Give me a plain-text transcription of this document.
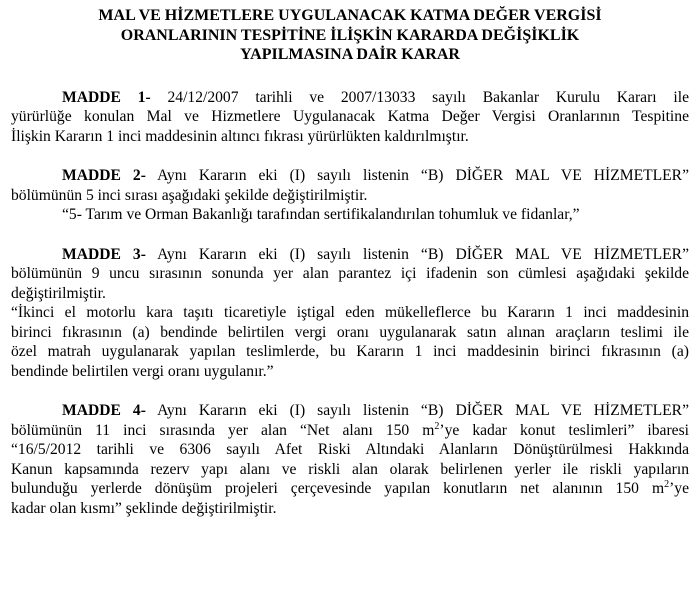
MAL VE HİZMETLERE UYGULANACAK KATMA DEĞER VERGİSİ
ORANLARININ TESPİTİNE İLİŞKİN KARARDA DEĞİŞİKLİK
YAPILMASINA DAİR KARAR
MADDE 1- 24/12/2007 tarihli ve 2007/13033 sayılı Bakanlar Kurulu Kararı ile
yürürlüğe konulan Mal ve Hizmetlere Uygulanacak Katma Değer Vergisi Oranlarının Tespitine
İlişkin Kararın 1 inci maddesinin altıncı fıkrası yürürlükten kaldırılmıştır.
MADDE 2- Aynı Kararın eki (I) sayılı listenin “B) DİĞER MAL VE HİZMETLER”
bölümünün 5 inci sırası aşağıdaki şekilde değiştirilmiştir.
“5- Tarım ve Orman Bakanlığı tarafından sertifikalandırılan tohumluk ve fidanlar,”
MADDE 3- Aynı Kararın eki (I) sayılı listenin “B) DİĞER MAL VE HİZMETLER”
bölümünün 9 uncu sırasının sonunda yer alan parantez içi ifadenin son cümlesi aşağıdaki şekilde
değiştirilmiştir.
“İkinci el motorlu kara taşıtı ticaretiyle iştigal eden mükelleflerce bu Kararın 1 inci maddesinin
birinci fıkrasının (a) bendinde belirtilen vergi oranı uygulanarak satın alınan araçların teslimi ile
özel matrah uygulanarak yapılan teslimlerde, bu Kararın 1 inci maddesinin birinci fıkrasının (a)
bendinde belirtilen vergi oranı uygulanır.”
MADDE 4- Aynı Kararın eki (I) sayılı listenin “B) DİĞER MAL VE HİZMETLER”
bölümünün 11 inci sırasında yer alan “Net alanı 150 $m^2’ye$ kadar konut teslimleri” ibaresi
“16/5/2012 tarihli ve 6306 sayılı Afet Riski Altındaki Alanların Dönüştürülmesi Hakkında
Kanun kapsamında rezerv yapı alanı ve riskli alan olarak belirlenen yerler ile riskli yapıların
bulunduğu yerlerde dönüşüm projeleri çerçevesinde yapılan konutların net alanının 150 $m^2’ye$
kadar olan kısmı” şeklinde değiştirilmiştir.
